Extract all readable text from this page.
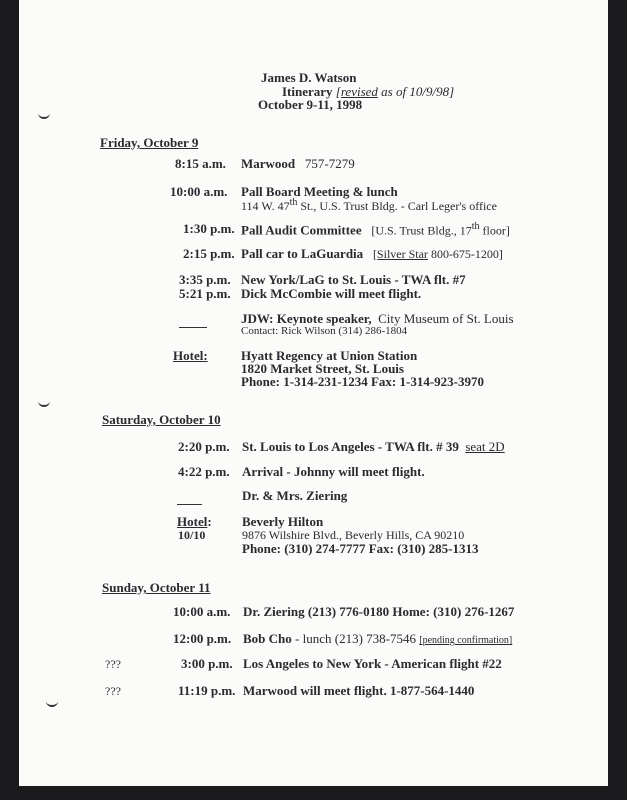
James D. Watson
Itinerary [revised as of 10/9/98]
October 9-11, 1998
Friday, October 9
8:15 a.m. Marwood 757-7279
10:00 a.m. Pall Board Meeting & lunch
114 W. 47th St., U.S. Trust Bldg. - Carl Leger's office
1:30 p.m. Pall Audit Committee [U.S. Trust Bldg., 17th floor]
2:15 p.m. Pall car to LaGuardia [Silver Star 800-675-1200]
3:35 p.m. New York/LaG to St. Louis - TWA flt. #7
5:21 p.m. Dick McCombie will meet flight.
JDW: Keynote speaker, City Museum of St. Louis
Contact: Rick Wilson (314) 286-1804
Hotel:	Hyatt Regency at Union Station
1820 Market Street, St. Louis
Phone: 1-314-231-1234 Fax: 1-314-923-3970
Saturday, October 10
2:20 p.m. St. Louis to Los Angeles - TWA flt. # 39 seat 2D
4:22 p.m. Arrival - Johnny will meet flight.
Dr. & Mrs. Ziering
Hotel:
10/10
Beverly Hilton
9876 Wilshire Blvd., Beverly Hills, CA 90210
Phone: (310) 274-7777 Fax: (310) 285-1313
Sunday, October 11
10:00 a.m. Dr. Ziering (213) 776-0180 Home: (310) 276-1267
12:00 p.m. Bob Cho - lunch (213) 738-7546 [pending confirmation]
???	3:00 p.m. Los Angeles to New York - American flight #22
???	11:19 p.m. Marwood will meet flight. 1-877-564-1440
